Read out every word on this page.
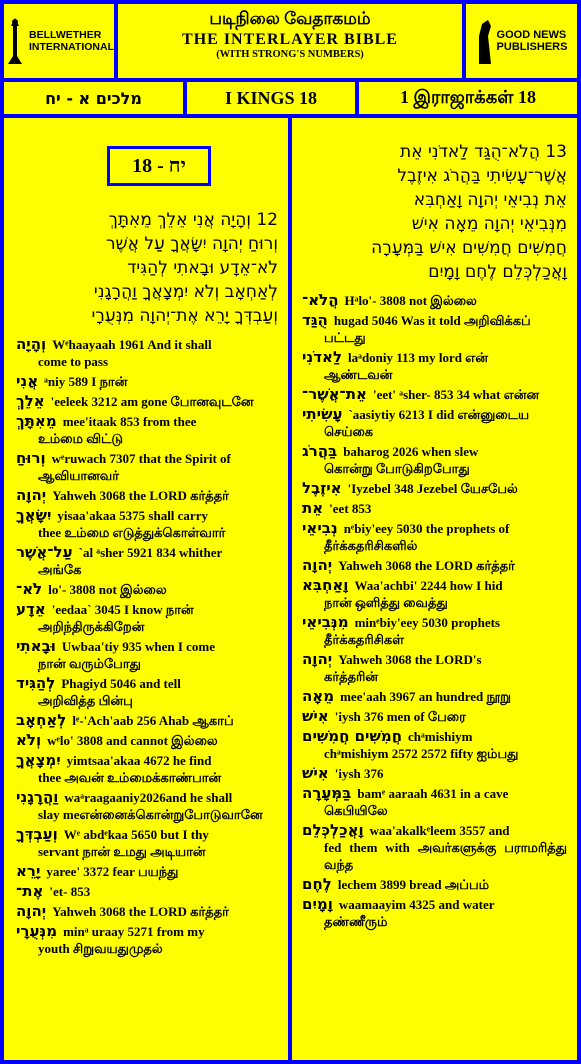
BELLWETHER
INTERNATIONAL
படிநிலை வேதாகமம்
THE INTERLAYER BIBLE
(WITH STRONG'S NUMBERS)
GOOD NEWS
PUBLISHERS
מלכים א - יח	I KINGS 18	1 இராஜாக்கள் 18
יח - 18
12 וְהָיָה אֲנִי אֵלֵךְ מֵאִתָּךְ
וְרוּחַ יְהוָה יִשָּׂאֲךָ עַל אֲשֶׁר
לֹא־אֵדָע וּבָאתִי לְהַגִּיד
לְאַחְאָב וְלֹא יִמְצָאֲךָ וַהֲרָגָנִי
וְעַבְדְּךָ יָרֵא אֶת־יְהוָה מִנְּעֻרָי
וְהָיָה Wᵉhaayaah 1961 And it shall
come to pass
אֲנִי ᵃniy 589 I நான்
אֵלֵךְ 'eeleek 3212 am gone போனவுடனே
מֵאִתָּךְ mee'itaak 853 from thee
உம்மை விட்டு
וְרוּחַ wᵉruwach 7307 that the Spirit of
ஆவியானவர்
יְהוָה Yahweh 3068 the LORD கர்த்தர்
יִשָּׂאֲךָ yisaa'akaa 5375 shall carry
thee உம்மை எடுத்துக்கொள்வார்
עַל־אֲשֶׁר `al ᵃsher 5921 834 whither
அங்கே
לֹא־ lo'- 3808 not இல்லை
אֵדָע 'eedaa` 3045 I know நான்
அறிந்திருக்கிறேன்
וּבָאתִי Uwbaa'tiy 935 when I come
நான் வரும்போது
לְהַגִּיד Phagiyd 5046 and tell
அறிவித்த பின்பு
לְאַחְאָב lᵉ-'Ach'aab 256 Ahab ஆகாப்
וְלֹא wᵉlo' 3808 and cannot இல்லை
יִמְצָאֲךָ yimtsaa'akaa 4672 he find
thee அவன் உம்மைக்காண்பான்
וַהֲרָגָנִי waᵃraagaaniy2026and he shall
slay meஎன்னைக்கொன்றுபோடுவானே
וְעַבְדְּךָ Wᵉ abdᵉkaa 5650 but I thy
servant நான் உமது அடியான்
יָרֵא yaree' 3372 fear பயந்து
אֶת־ 'et- 853
יְהוָה Yahweh 3068 the LORD கர்த்தர்
מִנְּעֻרָי minᵃ uraay 5271 from my
youth சிறுவயதுமுதல்
13 הֲלֹא־הֻגַּד לַאדֹנִי אֵת
אֲשֶׁר־עָשִׂיתִי בַּהֲרֹג אִיזֶבֶל
אֵת נְבִיאֵי יְהוָה וָאַחְבִּא
מִנְּבִיאֵי יְהוָה מֵאָה אִישׁ
חֲמִשִּׁים חֲמִשִּׁים אִישׁ בַּמְּעָרָה
וָאֲכַלְכְּלֵם לֶחֶם וָמָיִם
הֲלֹא־ Hᵃlo'- 3808 not இல்லை
הֻגַּד hugad 5046 Was it told அறிவிக்கப்
பட்டது
לַאדֹנִי laᵃdoniy 113 my lord என்
ஆண்டவன்
אֵת־אֲשֶׁר־ 'eet' ᵃsher- 853 34 what என்ன
עָשִׂיתִי `aasiytiy 6213 I did என்னுடைய
செய்கை
בַּהֲרֹג baharog 2026 when slew
கொன்று போடுகிறபோது
אִיזֶבֶל 'Iyzebel 348 Jezebel யேசபேல்
אֵת 'eet 853
נְבִיאֵי nᵉbiy'eey 5030 the prophets of
தீர்க்கதரிசிகளில்
יְהוָה Yahweh 3068 the LORD கர்த்தர்
וָאַחְבִּא Waa'achbi' 2244 how I hid
நான் ஒளித்து வைத்து
מִנְּבִיאֵי minᵉbiy'eey 5030 prophets
தீர்க்கதரிசிகள்
יְהוָה Yahweh 3068 the LORD's
கர்த்தரின்
מֵאָה mee'aah 3967 an hundred நூறு
אִישׁ 'iysh 376 men of பேரை
חֲמִשִּׁים חֲמִשִּׁים chᵃmishiym
chᵃmishiym 2572 2572 fifty ஐம்பது
אִישׁ 'iysh 376
בַּמְּעָרָה bamᵉ aaraah 4631 in a cave
கெபியிலே
וָאֲכַלְכְּלֵם waa'akalkᵉleem 3557 and
fed them with அவர்களுக்கு பராமரித்து வந்த
לֶחֶם lechem 3899 bread அப்பம்
וָמָיִם waamaayim 4325 and water
தண்ணீரும்
